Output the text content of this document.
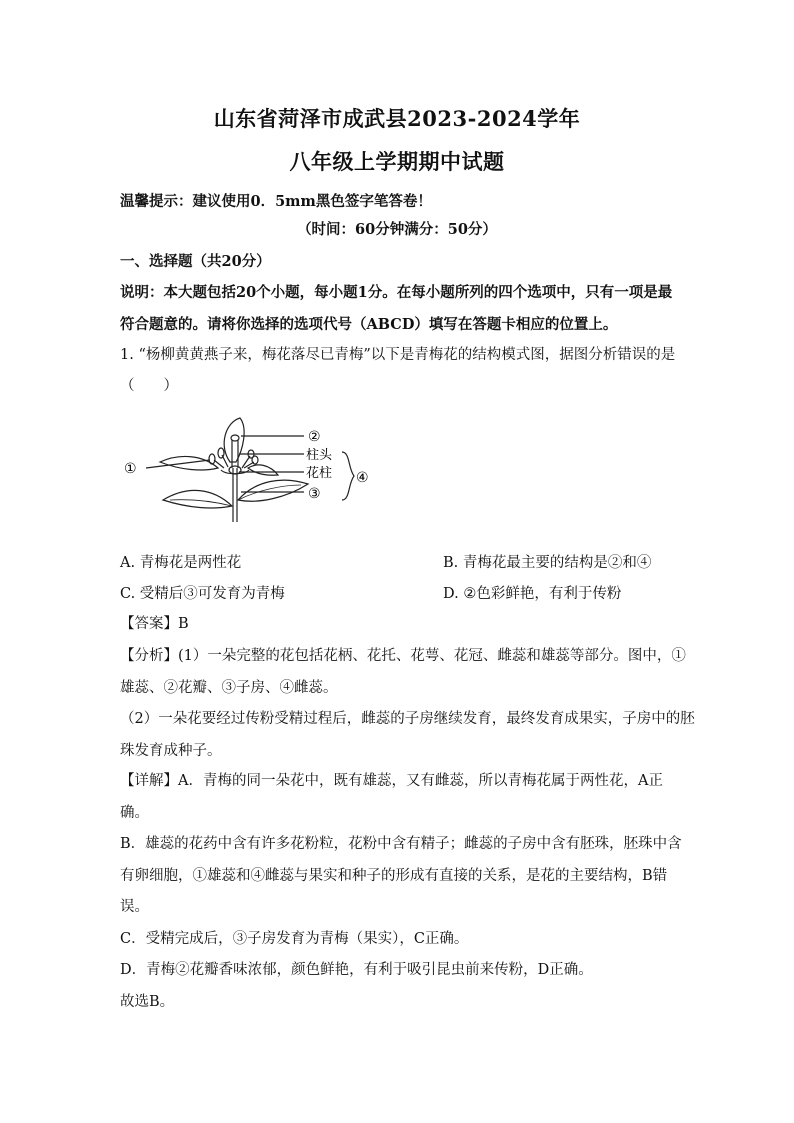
山东省菏泽市成武县2023-2024学年
八年级上学期期中试题
温馨提示：建议使用0．5mm黑色签字笔答卷！
（时间：60分钟满分：50分）
一、选择题（共20分）
说明：本大题包括20个小题，每小题1分。在每小题所列的四个选项中，只有一项是最
符合题意的。请将你选择的选项代号（ABCD）填写在答题卡相应的位置上。
1. “杨柳黄黄燕子来，梅花落尽已青梅”以下是青梅花的结构模式图，据图分析错误的是
（　　）
②
柱头
花柱
③
④
①
A. 青梅花是两性花	B. 青梅花最主要的结构是②和④
C. 受精后③可发育为青梅	D. ②色彩鲜艳，有利于传粉
【答案】B
【分析】(1）一朵完整的花包括花柄、花托、花萼、花冠、雌蕊和雄蕊等部分。图中，①
雄蕊、②花瓣、③子房、④雌蕊。
（2）一朵花要经过传粉受精过程后，雌蕊的子房继续发育，最终发育成果实，子房中的胚
珠发育成种子。
【详解】A．青梅的同一朵花中，既有雄蕊，又有雌蕊，所以青梅花属于两性花，A正
确。
B．雄蕊的花药中含有许多花粉粒，花粉中含有精子；雌蕊的子房中含有胚珠，胚珠中含
有卵细胞，①雄蕊和④雌蕊与果实和种子的形成有直接的关系，是花的主要结构，B错
误。
C．受精完成后，③子房发育为青梅（果实），C正确。
D．青梅②花瓣香味浓郁，颜色鲜艳，有利于吸引昆虫前来传粉，D正确。
故选B。
